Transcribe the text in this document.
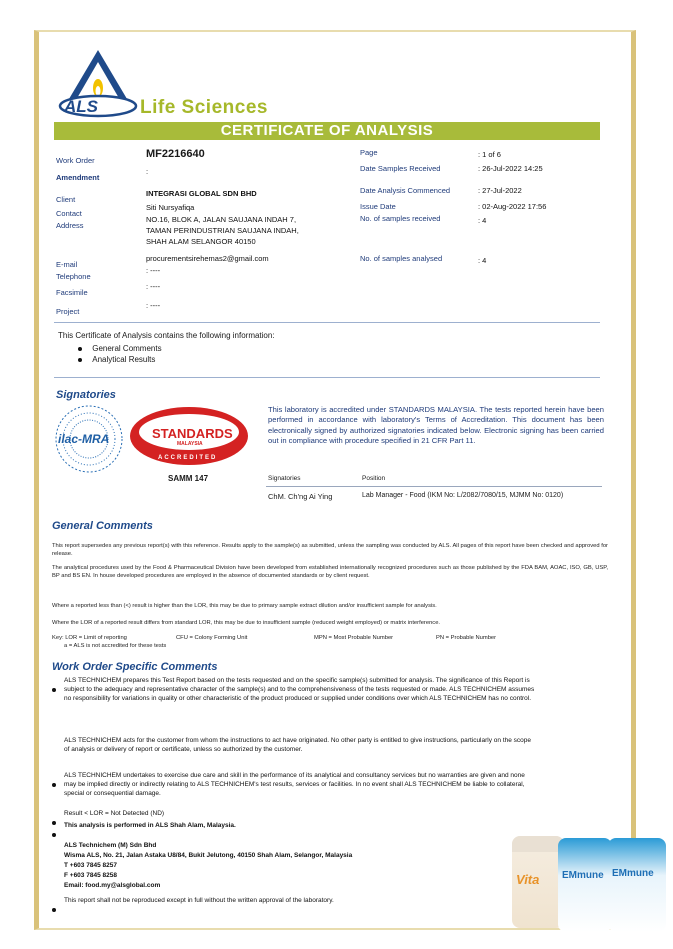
ALS Life Sciences
CERTIFICATE OF ANALYSIS
Work Order
MF2216640
Amendment
:
Client
INTEGRASI GLOBAL SDN BHD
Contact
Siti Nursyafiqa
Address
NO.16, BLOK A, JALAN SAUJANA INDAH 7,
TAMAN PERINDUSTRIAN SAUJANA INDAH,
SHAH ALAM SELANGOR 40150
E-mail
procurementsirehemas2@gmail.com
Telephone
: ----
Facsimile
: ----
Project
: ----
Page	: 1 of 6
Date Samples Received	: 26-Jul-2022 14:25
Date Analysis Commenced	: 27-Jul-2022
Issue Date	: 02-Aug-2022 17:56
No. of samples received	: 4
No. of samples analysed	: 4
This Certificate of Analysis contains the following information:
General Comments
Analytical Results
Signatories
ilac-MRA	STANDARDS
MALAYSIA
ACCREDITED
SAMM 147
This laboratory is accredited under STANDARDS MALAYSIA. The tests reported herein have been performed in accordance with laboratory's Terms of Accreditation. This document has been electronically signed by authorized signatories indicated below. Electronic signing has been carried out in compliance with procedure specified in 21 CFR Part 11.
Signatories	Position
ChM. Ch'ng Ai Ying	Lab Manager - Food (IKM No: L/2082/7080/15, MJMM No: 0120)
General Comments
This report supersedes any previous report(s) with this reference. Results apply to the sample(s) as submitted, unless the sampling was conducted by ALS. All pages of this report have been checked and approved for release.
The analytical procedures used by the Food & Pharmaceutical Division have been developed from established internationally recognized procedures such as those published by the FDA BAM, AOAC, ISO, GB, USP, BP and BS EN. In house developed procedures are employed in the absence of documented standards or by client request.
Where a reported less than (<) result is higher than the LOR, this may be due to primary sample extract dilution and/or insufficient sample for analysis.
Where the LOR of a reported result differs from standard LOR, this may be due to insufficient sample (reduced weight employed) or matrix interference.
Key: LOR = Limit of reporting	CFU = Colony Forming Unit	MPN = Most Probable Number	PN = Probable Number
a = ALS is not accredited for these tests
Work Order Specific Comments
ALS TECHNICHEM prepares this Test Report based on the tests requested and on the specific sample(s) submitted for analysis. The significance of this Report is subject to the adequacy and representative character of the sample(s) and to the comprehensiveness of the tests requested or made. ALS TECHNICHEM assumes no responsibility for variations in quality or other characteristic of the product produced or supplied under conditions over which ALS TECHNICHEM has no control.
ALS TECHNICHEM acts for the customer from whom the instructions to act have originated. No other party is entitled to give instructions, particularly on the scope of analysis or delivery of report or certificate, unless so authorized by the customer.
ALS TECHNICHEM undertakes to exercise due care and skill in the performance of its analytical and consultancy services but no warranties are given and none may be implied directly or indirectly relating to ALS TECHNICHEM's test results, services or facilities. In no event shall ALS TECHNICHEM be liable to collateral, special or consequential damage.
Result < LOR = Not Detected (ND)
This analysis is performed in ALS Shah Alam, Malaysia.
ALS Technichem (M) Sdn Bhd
Wisma ALS, No. 21, Jalan Astaka U8/84, Bukit Jelutong, 40150 Shah Alam, Selangor, Malaysia
T +603 7845 8257
F +603 7845 8258
Email: food.my@alsglobal.com
This report shall not be reproduced except in full without the written approval of the laboratory.
Vita	EMmune EMmune
